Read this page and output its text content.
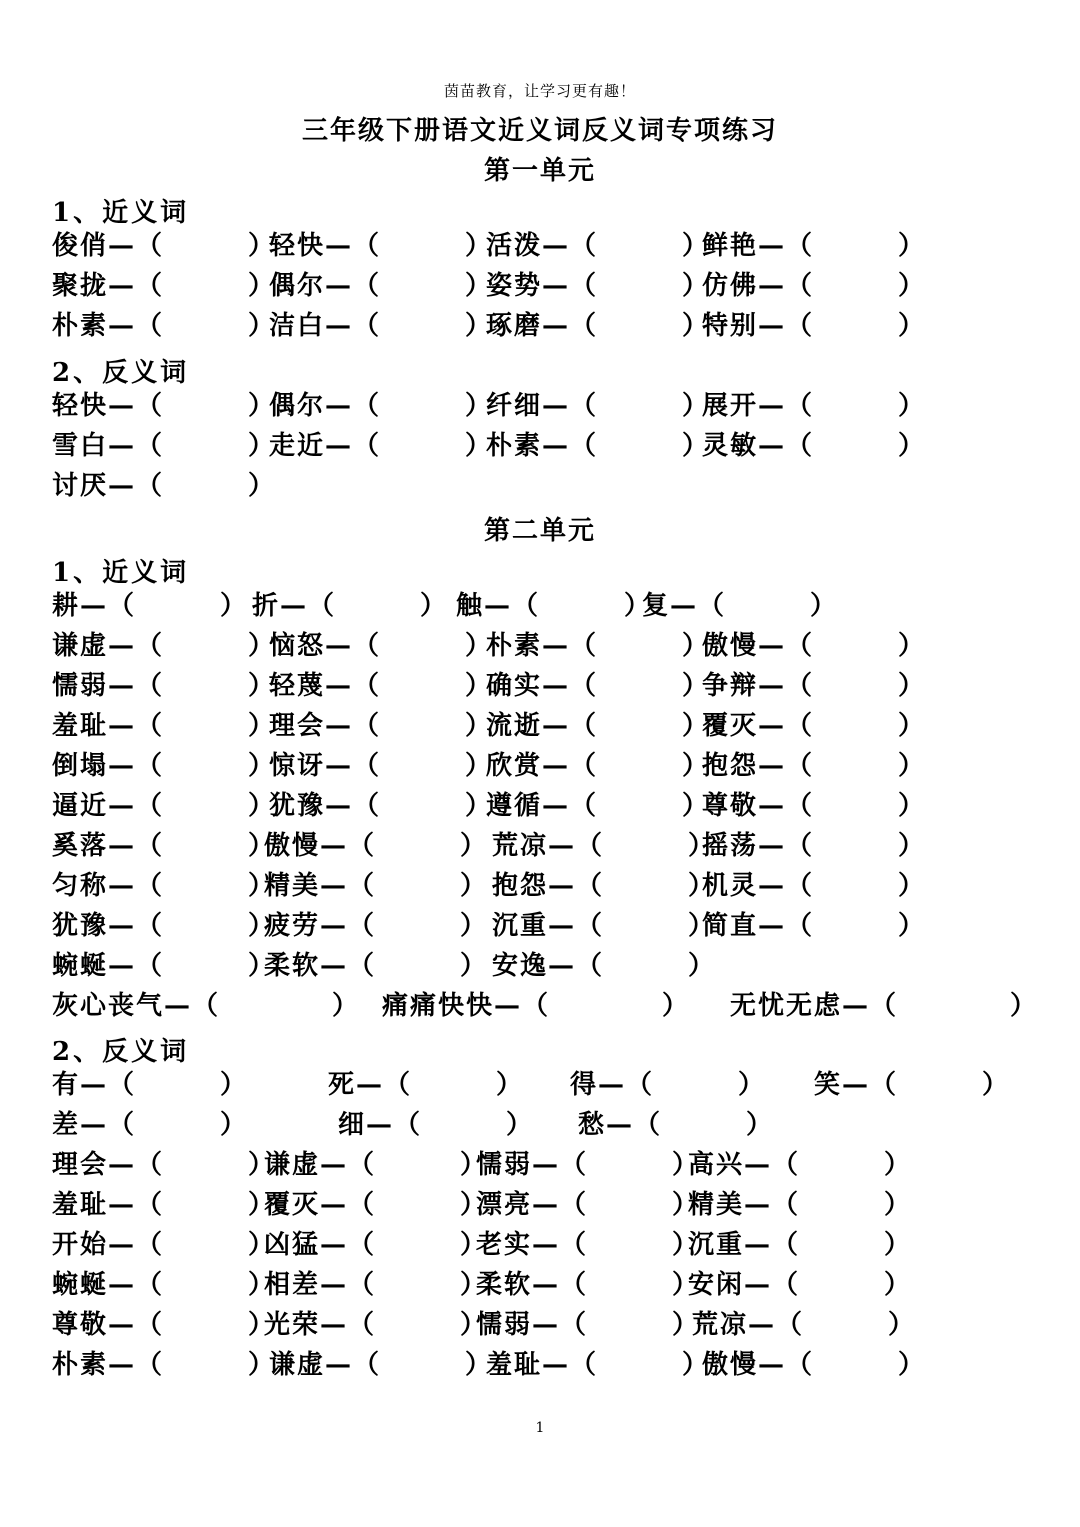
茵苗教育，让学习更有趣！
三年级下册语文近义词反义词专项练习
第一单元
1、近义词
俊俏—（　　　）
轻快—（　　　）
活泼—（　　　）
鲜艳—（　　　）
聚拢—（　　　）
偶尔—（　　　）
姿势—（　　　）
仿佛—（　　　）
朴素—（　　　）
洁白—（　　　）
琢磨—（　　　）
特别—（　　　）
2、反义词
轻快—（　　　）
偶尔—（　　　）
纤细—（　　　）
展开—（　　　）
雪白—（　　　）
走近—（　　　）
朴素—（　　　）
灵敏—（　　　）
讨厌—（　　　）
第二单元
1、近义词
耕—（　　　） 折—（　　　） 触—（　　　）
复—（　　　）
谦虚—（　　　）
恼怒—（　　　）
朴素—（　　　）
傲慢—（　　　）
懦弱—（　　　）
轻蔑—（　　　）
确实—（　　　）
争辩—（　　　）
羞耻—（　　　）
理会—（　　　）
流逝—（　　　）
覆灭—（　　　）
倒塌—（　　　）
惊讶—（　　　）
欣赏—（　　　）
抱怨—（　　　）
逼近—（　　　）
犹豫—（　　　）
遵循—（　　　）
尊敬—（　　　）
奚落—（　　　）
傲慢—（　　　） 荒凉—（　　　）
摇荡—（　　　）
匀称—（　　　）
精美—（　　　） 抱怨—（　　　）
机灵—（　　　）
犹豫—（　　　）
疲劳—（　　　） 沉重—（　　　）
简直—（　　　）
蜿蜒—（　　　）
柔软—（　　　） 安逸—（　　　）
灰心丧气—（　　　　） 痛痛快快—（　　　　） 无忧无虑—（　　　　）
2、反义词
有—（　　　）	死—（　　　） 得—（　　　） 笑—（　　　）
差—（　　　）	细—（　　　） 愁—（　　　）
理会—（　　　）
谦虚—（　　　）
懦弱—（　　　）
高兴—（　　　）
羞耻—（　　　）
覆灭—（　　　）
漂亮—（　　　）
精美—（　　　）
开始—（　　　）
凶猛—（　　　）
老实—（　　　）
沉重—（　　　）
蜿蜒—（　　　）
相差—（　　　）
柔软—（　　　）
安闲—（　　　）
尊敬—（　　　）
光荣—（　　　）
懦弱—（　　　）
荒凉—（　　　）
朴素—（　　　）
谦虚—（　　　）
羞耻—（　　　）
傲慢—（　　　）
1
